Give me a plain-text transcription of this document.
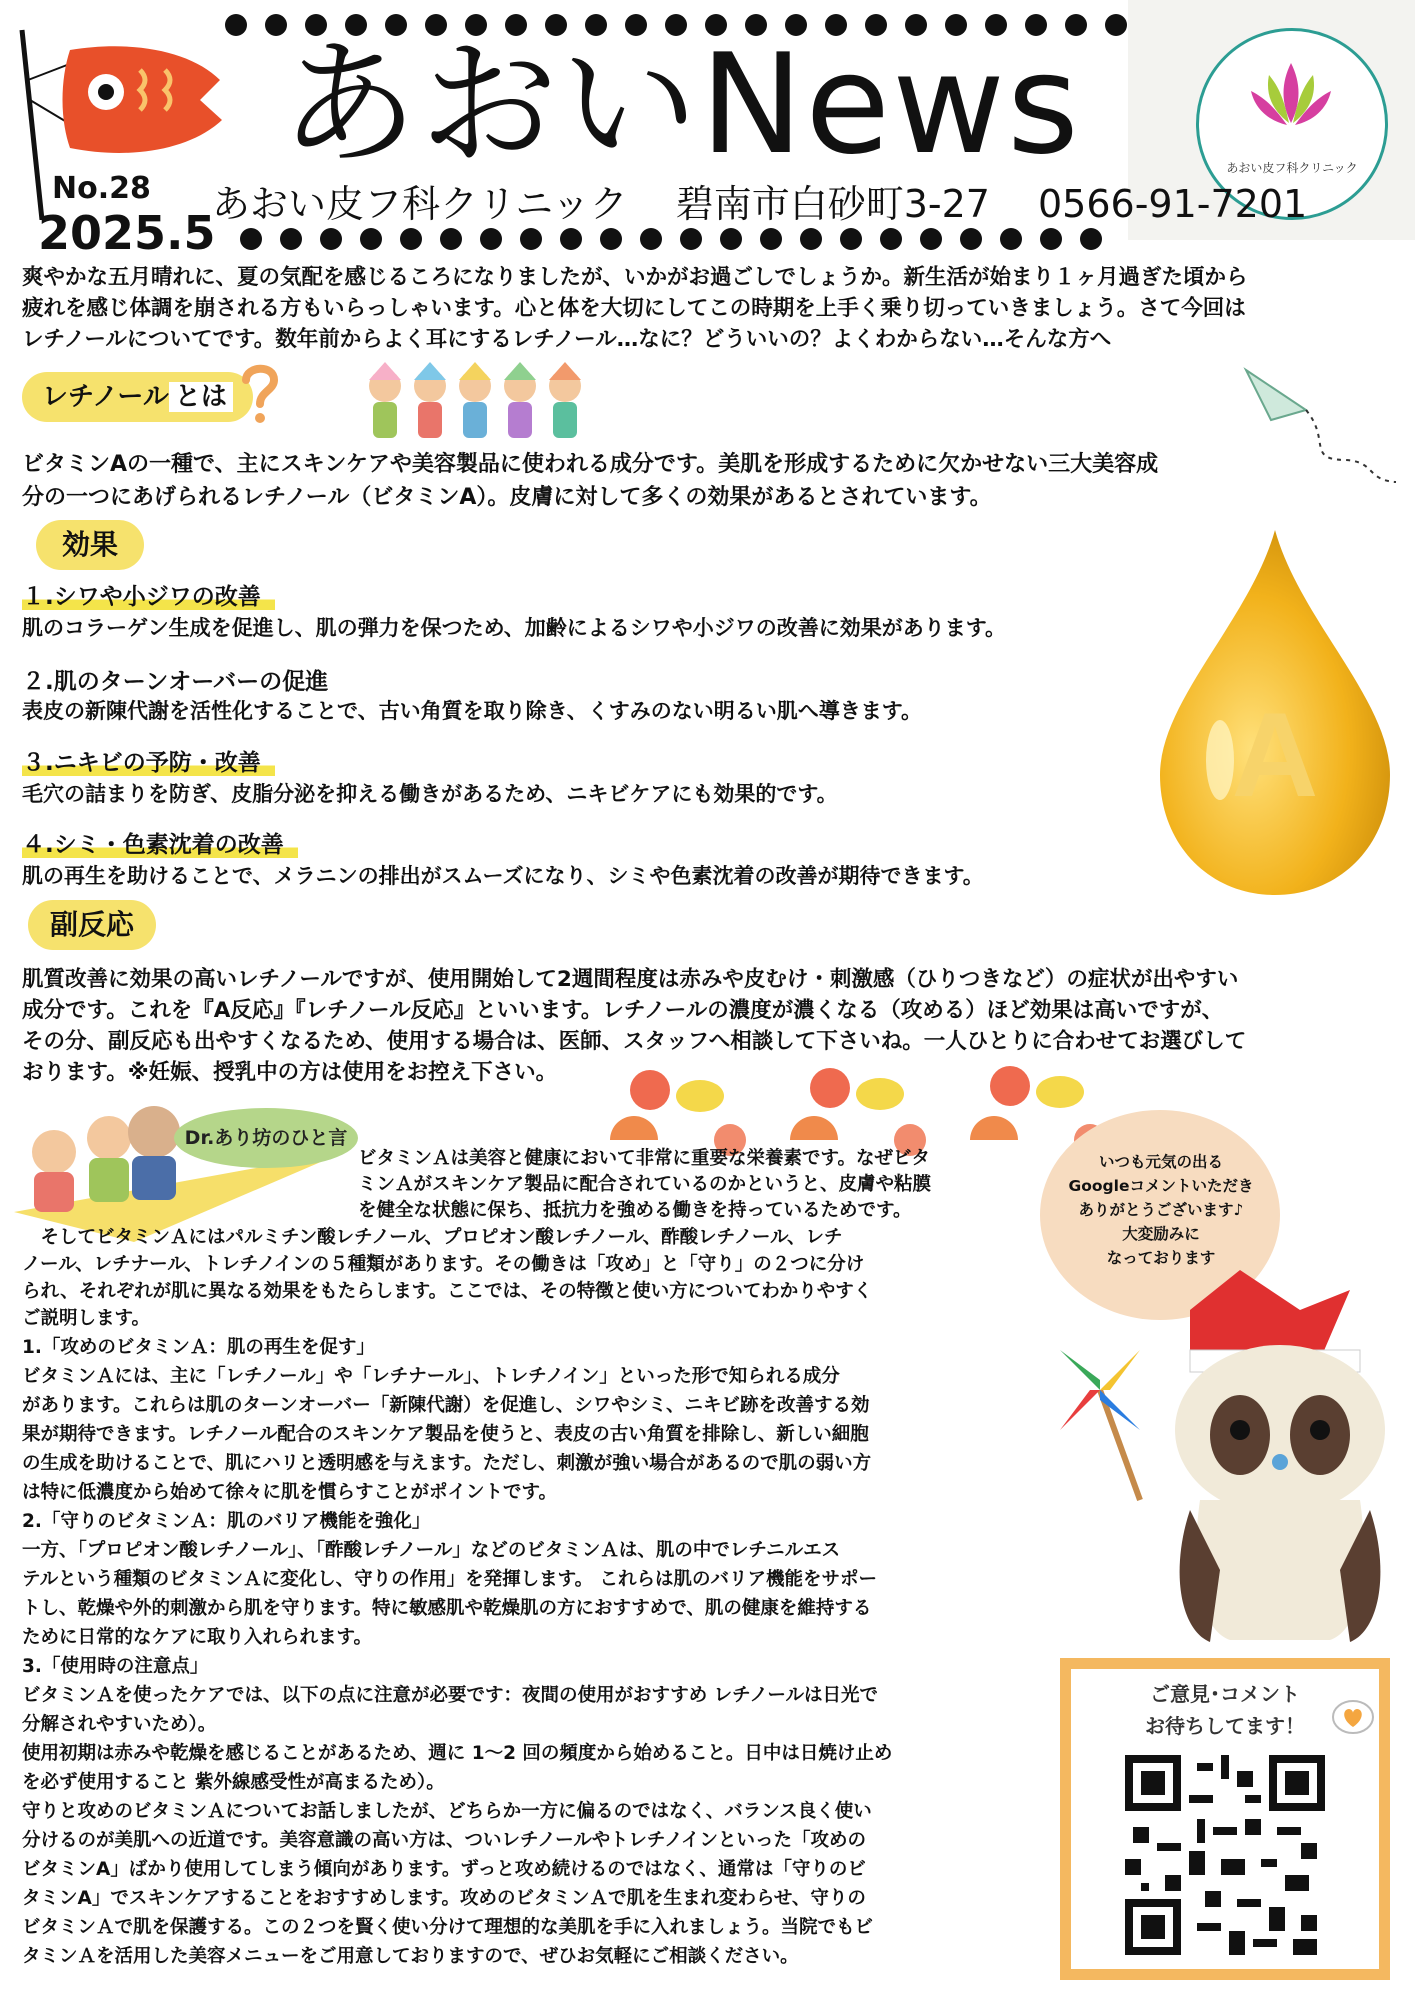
あおい皮フ科クリニック
あおいNews
No.28
2025.5
あおい皮フ科クリニック 碧南市白砂町3-27 0566-91-7201
爽やかな五月晴れに、夏の気配を感じるころになりましたが、いかがお過ごしでしょうか。新生活が始まり１ヶ月過ぎた頃から
疲れを感じ体調を崩される方もいらっしゃいます。心と体を大切にしてこの時期を上手く乗り切っていきましょう。さて今回は
レチノールについてです。数年前からよく耳にするレチノール…なに？どういいの？よくわからない…そんな方へ
レチノール とは
ビタミンAの一種で、主にスキンケアや美容製品に使われる成分です。美肌を形成するために欠かせない三大美容成
分の一つにあげられるレチノール（ビタミンA）。皮膚に対して多くの効果があるとされています。
効果
１.シワや小ジワの改善
肌のコラーゲン生成を促進し、肌の弾力を保つため、加齢によるシワや小ジワの改善に効果があります。
２.肌のターンオーバーの促進
表皮の新陳代謝を活性化することで、古い角質を取り除き、くすみのない明るい肌へ導きます。
３.ニキビの予防・改善
毛穴の詰まりを防ぎ、皮脂分泌を抑える働きがあるため、ニキビケアにも効果的です。
４.シミ・色素沈着の改善
肌の再生を助けることで、メラニンの排出がスムーズになり、シミや色素沈着の改善が期待できます。
A
副反応
肌質改善に効果の高いレチノールですが、使用開始して2週間程度は赤みや皮むけ・刺激感（ひりつきなど）の症状が出やすい
成分です。これを『A反応』『レチノール反応』といいます。レチノールの濃度が濃くなる（攻める）ほど効果は高いですが、
その分、副反応も出やすくなるため、使用する場合は、医師、スタッフへ相談して下さいね。一人ひとりに合わせてお選びして
おります。※妊娠、授乳中の方は使用をお控え下さい。
Dr.あり坊のひと言
ビタミンＡは美容と健康において非常に重要な栄養素です。なぜビタ
ミンＡがスキンケア製品に配合されているのかというと、皮膚や粘膜
を健全な状態に保ち、抵抗力を強める働きを持っているためです。
　そしてビタミンＡにはパルミチン酸レチノール、プロピオン酸レチノール、酢酸レチノール、レチ
ノール、レチナール、トレチノインの５種類があります。その働きは「攻め」と「守り」の２つに分け
られ、それぞれが肌に異なる効果をもたらします。ここでは、その特徴と使い方についてわかりやすく
ご説明します。
1.「攻めのビタミンＡ：肌の再生を促す」
ビタミンＡには、主に「レチノール」や「レチナール」、トレチノイン」といった形で知られる成分
があります。これらは肌のターンオーバー「新陳代謝）を促進し、シワやシミ、ニキビ跡を改善する効
果が期待できます。レチノール配合のスキンケア製品を使うと、表皮の古い角質を排除し、新しい細胞
の生成を助けることで、肌にハリと透明感を与えます。ただし、刺激が強い場合があるので肌の弱い方
は特に低濃度から始めて徐々に肌を慣らすことがポイントです。
2.「守りのビタミンＡ：肌のバリア機能を強化」
一方、「プロピオン酸レチノール」、「酢酸レチノール」などのビタミンＡは、肌の中でレチニルエス
テルという種類のビタミンＡに変化し、守りの作用」を発揮します。 これらは肌のバリア機能をサポー
トし、乾燥や外的刺激から肌を守ります。特に敏感肌や乾燥肌の方におすすめで、肌の健康を維持する
ために日常的なケアに取り入れられます。
3.「使用時の注意点」
ビタミンＡを使ったケアでは、以下の点に注意が必要です：夜間の使用がおすすめ レチノールは日光で
分解されやすいため）。
使用初期は赤みや乾燥を感じることがあるため、週に 1〜2 回の頻度から始めること。日中は日焼け止め
を必ず使用すること 紫外線感受性が高まるため）。
守りと攻めのビタミンＡについてお話しましたが、どちらか一方に偏るのではなく、バランス良く使い
分けるのが美肌への近道です。美容意識の高い方は、ついレチノールやトレチノインといった「攻めの
ビタミンA」ばかり使用してしまう傾向があります。ずっと攻め続けるのではなく、通常は「守りのビ
タミンA」でスキンケアすることをおすすめします。攻めのビタミンＡで肌を生まれ変わらせ、守りの
ビタミンＡで肌を保護する。この２つを賢く使い分けて理想的な美肌を手に入れましょう。当院でもビ
タミンＡを活用した美容メニューをご用意しておりますので、ぜひお気軽にご相談ください。
いつも元気の出る
Googleコメントいただき
ありがとうございます♪
大変励みに
なっております
ご意見･コメント
お待ちしてます！
